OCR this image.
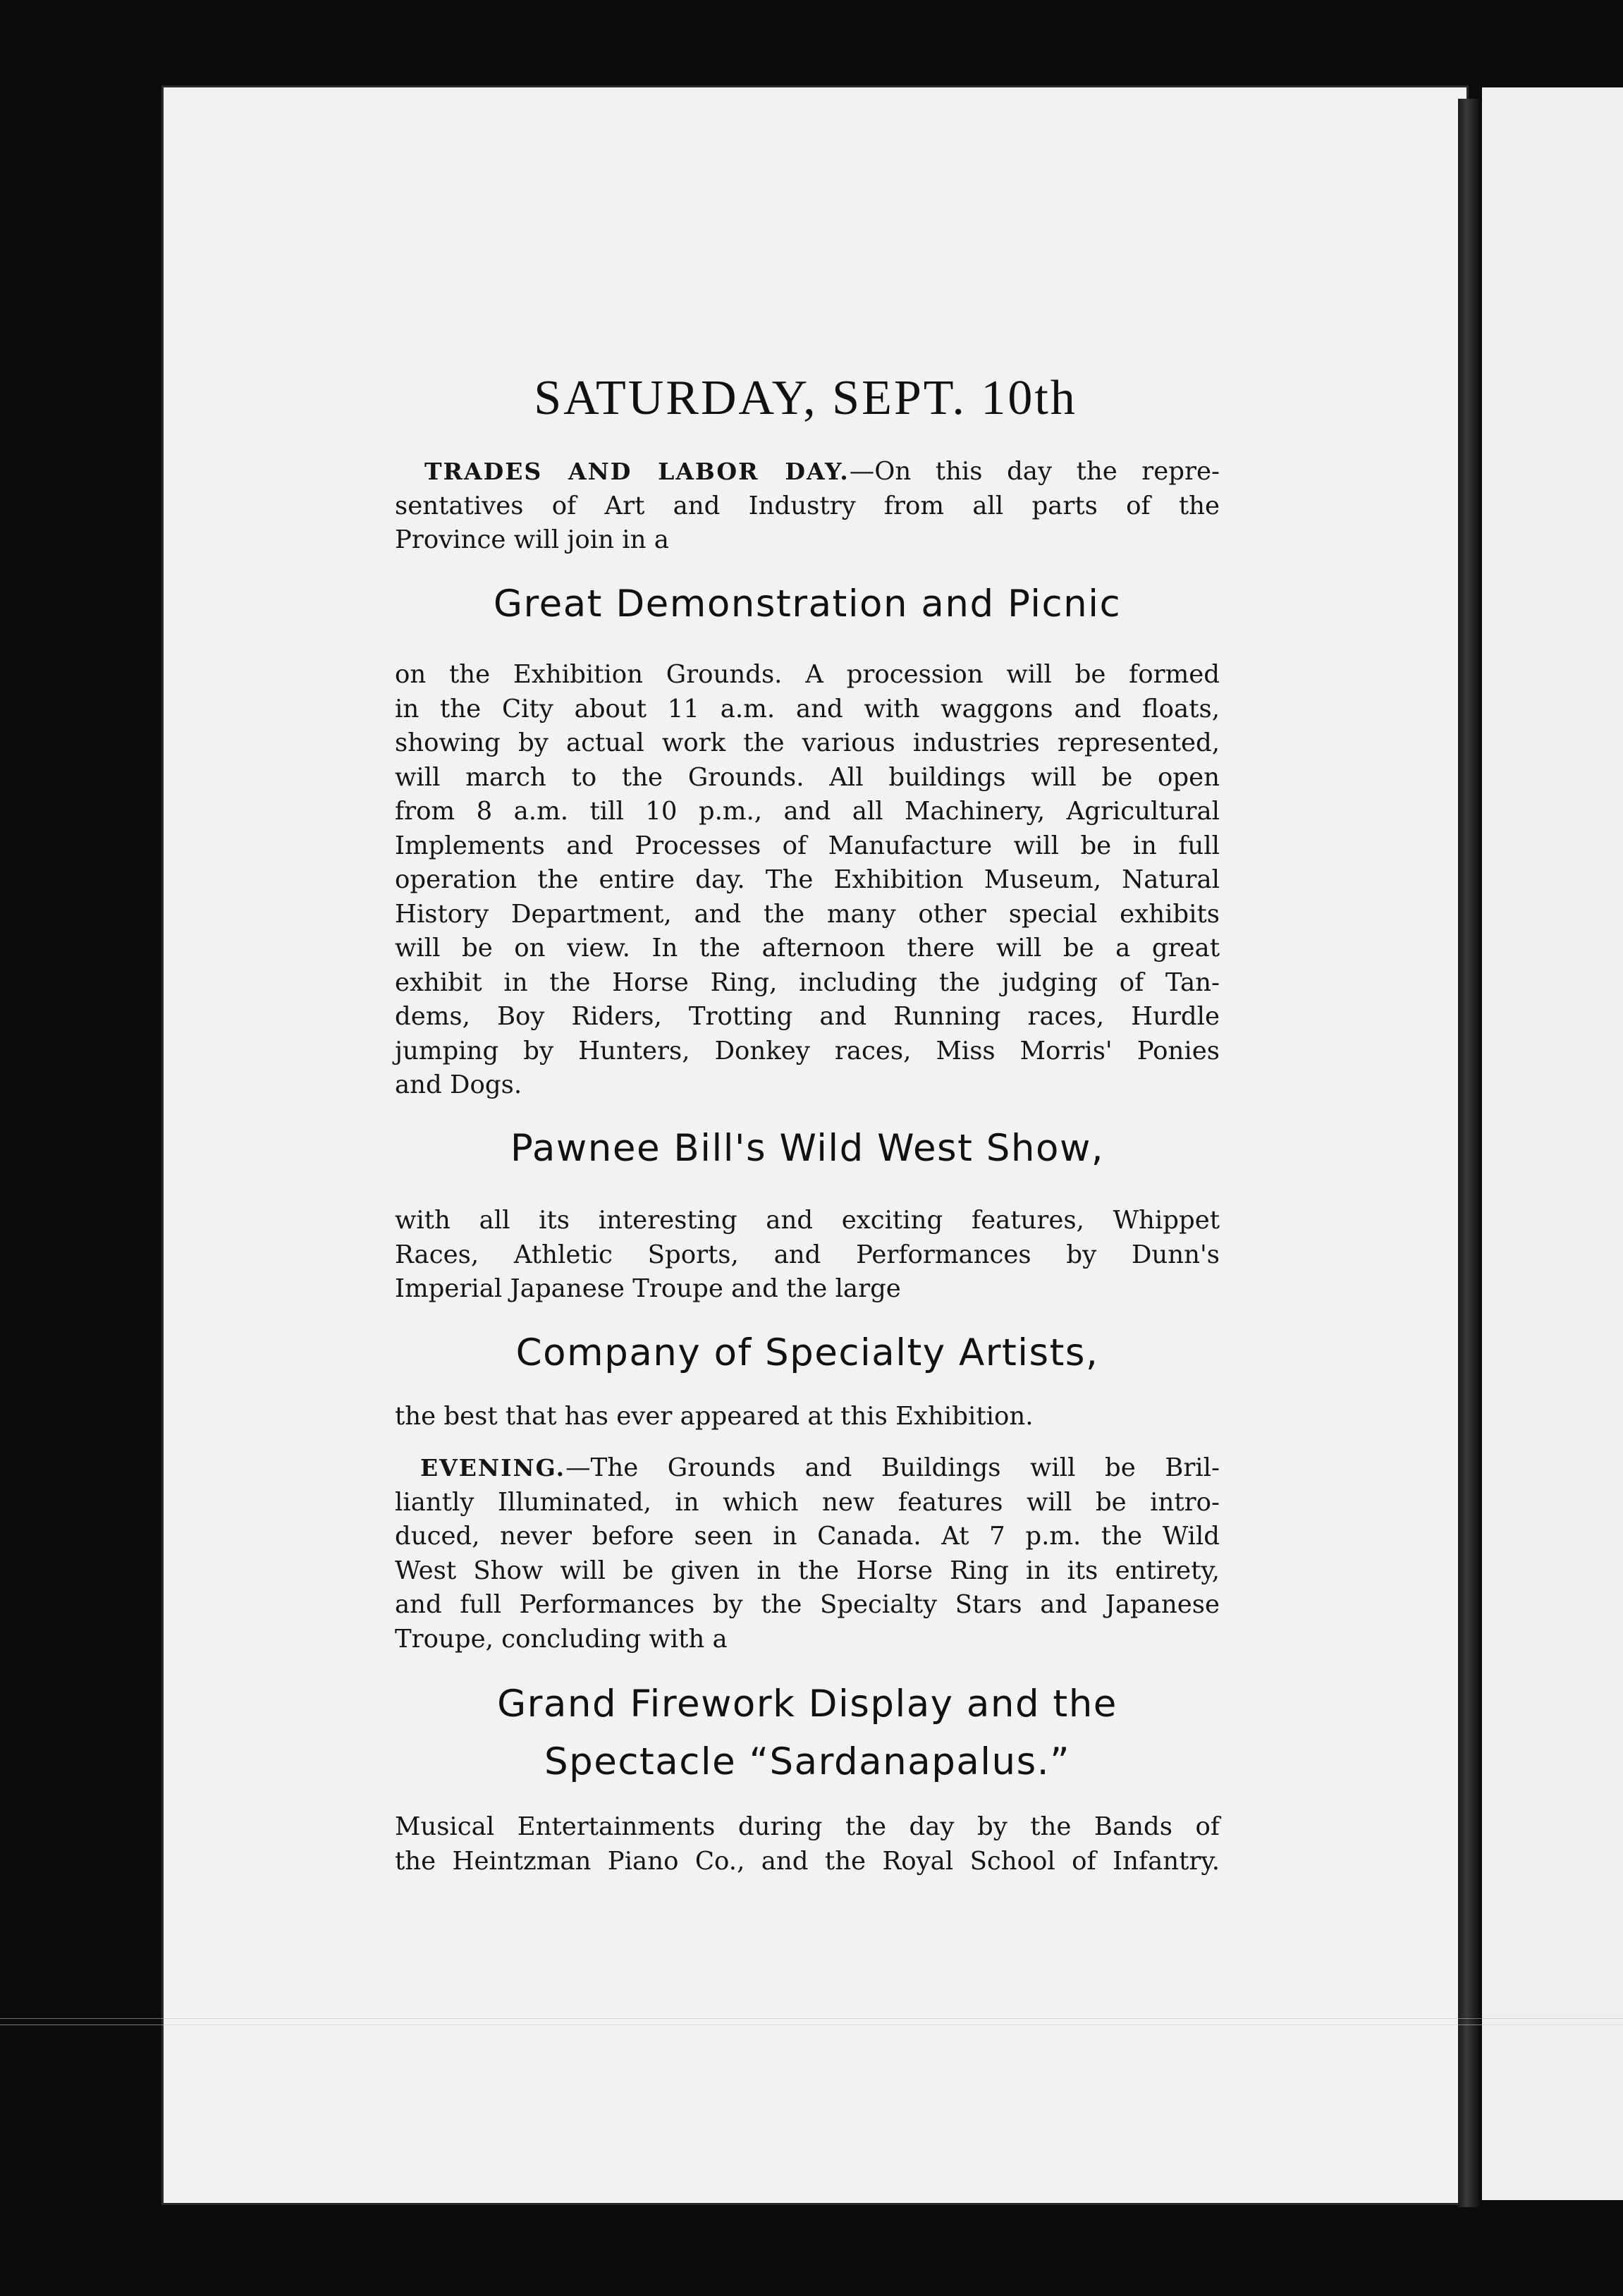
SATURDAY, SEPT. 10th
TRADES AND LABOR DAY.—On this day the repre-
sentatives of Art and Industry from all parts of the
Province will join in a
Great Demonstration and Picnic
on the Exhibition Grounds. A procession will be formed
in the City about 11 a.m. and with waggons and floats,
showing by actual work the various industries represented,
will march to the Grounds. All buildings will be open
from 8 a.m. till 10 p.m., and all Machinery, Agricultural
Implements and Processes of Manufacture will be in full
operation the entire day. The Exhibition Museum, Natural
History Department, and the many other special exhibits
will be on view. In the afternoon there will be a great
exhibit in the Horse Ring, including the judging of Tan-
dems, Boy Riders, Trotting and Running races, Hurdle
jumping by Hunters, Donkey races, Miss Morris' Ponies
and Dogs.
Pawnee Bill's Wild West Show,
with all its interesting and exciting features, Whippet
Races, Athletic Sports, and Performances by Dunn's
Imperial Japanese Troupe and the large
Company of Specialty Artists,
the best that has ever appeared at this Exhibition.
EVENING.—The Grounds and Buildings will be Bril-
liantly Illuminated, in which new features will be intro-
duced, never before seen in Canada. At 7 p.m. the Wild
West Show will be given in the Horse Ring in its entirety,
and full Performances by the Specialty Stars and Japanese
Troupe, concluding with a
Grand Firework Display and the
Spectacle “Sardanapalus.”
Musical Entertainments during the day by the Bands of
the Heintzman Piano Co., and the Royal School of Infantry.
